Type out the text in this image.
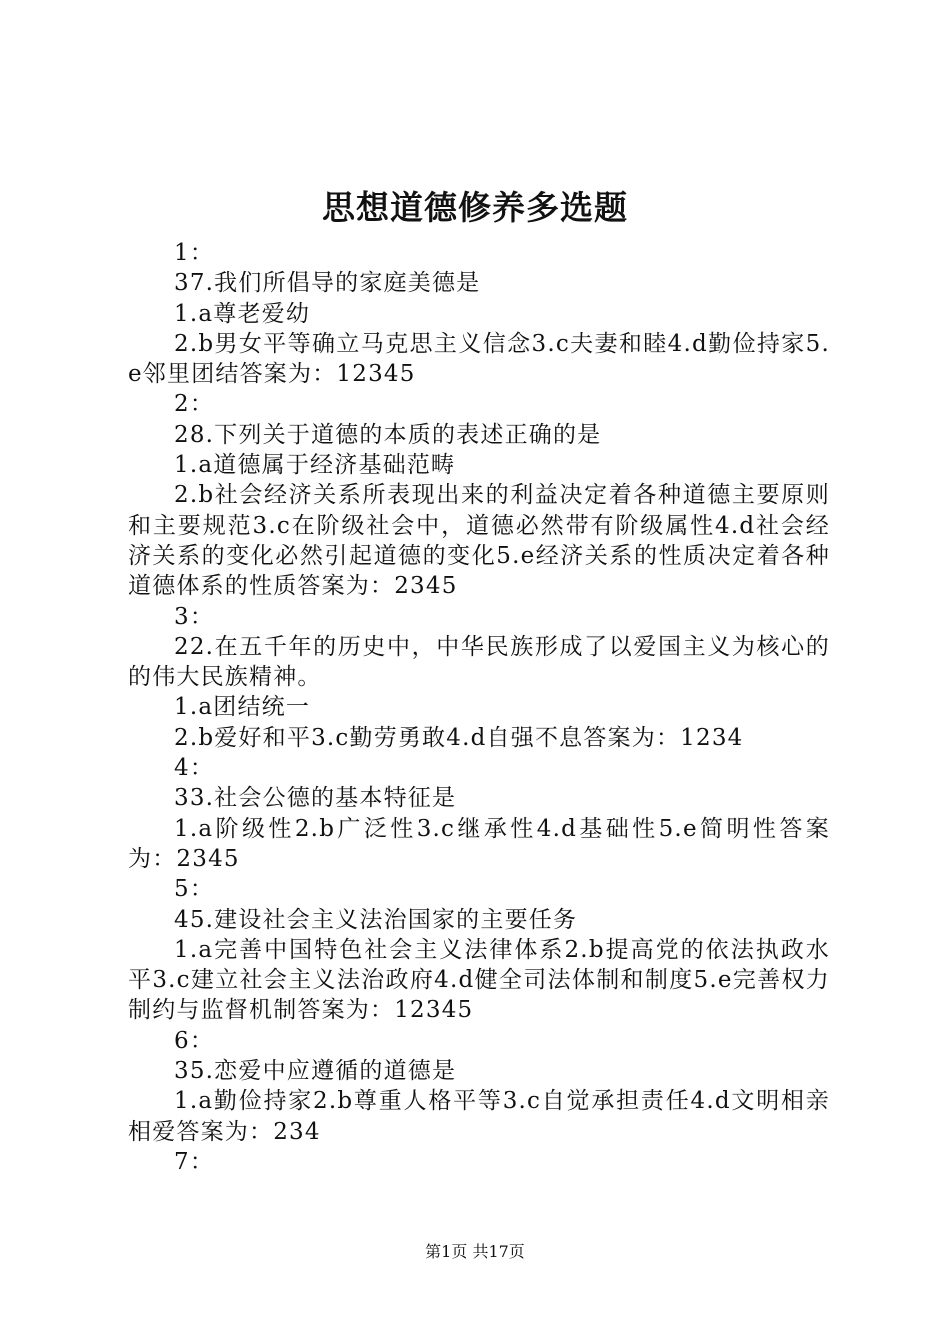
思想道德修养多选题

1：

37.我们所倡导的家庭美德是

1.a尊老爱幼

2.b男女平等确立马克思主义信念3.c夫妻和睦4.d勤俭持家5.e邻里团结答案为：12345

2：

28.下列关于道德的本质的表述正确的是

1.a道德属于经济基础范畴

2.b社会经济关系所表现出来的利益决定着各种道德主要原则和主要规范3.c在阶级社会中，道德必然带有阶级属性4.d社会经济关系的变化必然引起道德的变化5.e经济关系的性质决定着各种道德体系的性质答案为：2345

3：

22.在五千年的历史中，中华民族形成了以爱国主义为核心的的伟大民族精神。

1.a团结统一

2.b爱好和平3.c勤劳勇敢4.d自强不息答案为：1234

4：

33.社会公德的基本特征是

1.a阶级性2.b广泛性3.c继承性4.d基础性5.e简明性答案为：2345

5：

45.建设社会主义法治国家的主要任务

1.a完善中国特色社会主义法律体系2.b提高党的依法执政水平3.c建立社会主义法治政府4.d健全司法体制和制度5.e完善权力制约与监督机制答案为：12345

6：

35.恋爱中应遵循的道德是

1.a勤俭持家2.b尊重人格平等3.c自觉承担责任4.d文明相亲相爱答案为：234

7：

第1页 共17页
